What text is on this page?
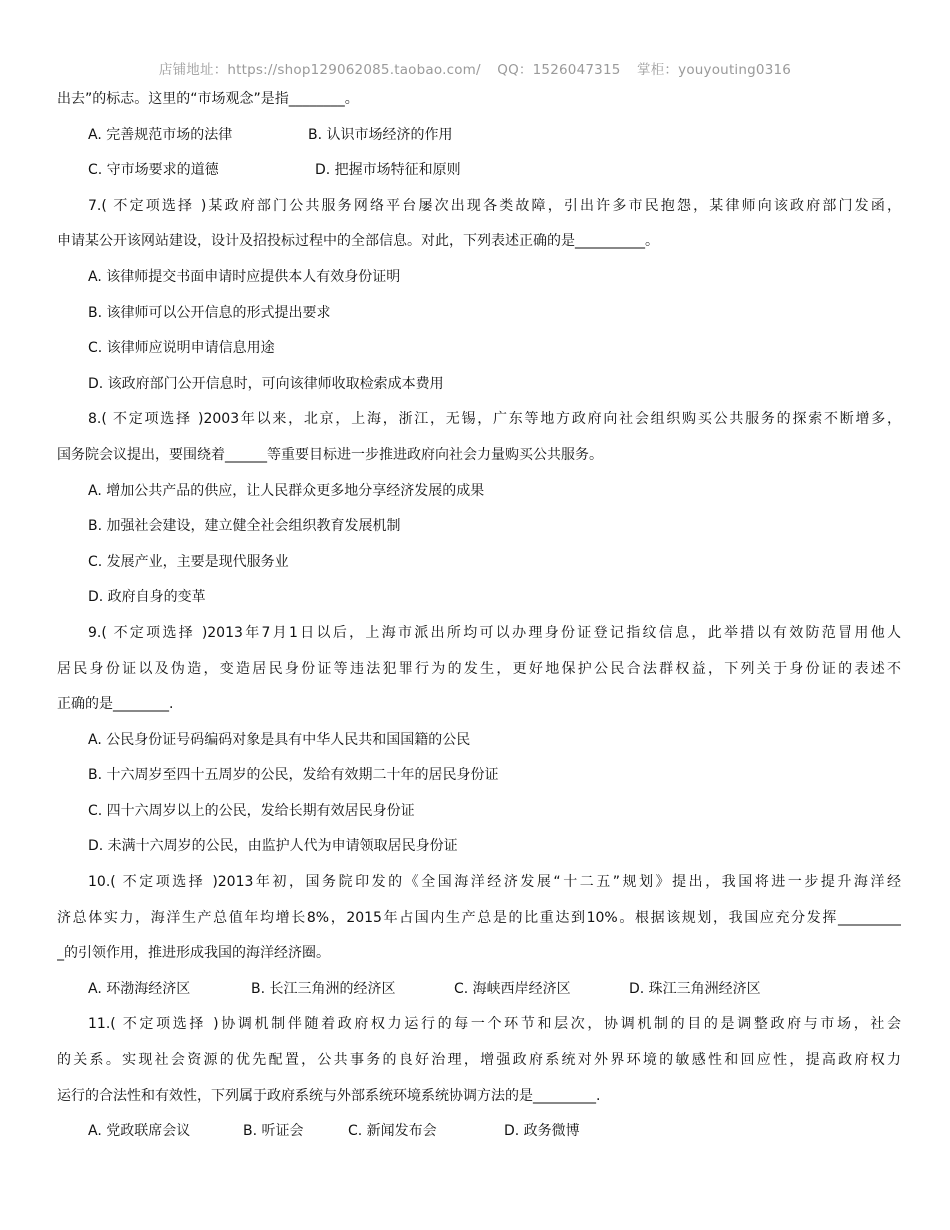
店铺地址：https://shop129062085.taobao.com/ QQ：1526047315 掌柜：youyouting0316
出去”的标志。这里的“市场观念”是指________。
A. 完善规范市场的法律	B. 认识市场经济的作用
C. 守市场要求的道德	D. 把握市场特征和原则
7.( 不定项选择 )某政府部门公共服务网络平台屡次出现各类故障，引出许多市民抱怨，某律师向该政府部门发函，
申请某公开该网站建设，设计及招投标过程中的全部信息。对此，下列表述正确的是__________。
A. 该律师提交书面申请时应提供本人有效身份证明
B. 该律师可以公开信息的形式提出要求
C. 该律师应说明申请信息用途
D. 该政府部门公开信息时，可向该律师收取检索成本费用
8.( 不定项选择 )2003年以来，北京，上海，浙江，无锡，广东等地方政府向社会组织购买公共服务的探索不断增多，
国务院会议提出，要围绕着______等重要目标进一步推进政府向社会力量购买公共服务。
A. 增加公共产品的供应，让人民群众更多地分享经济发展的成果
B. 加强社会建设，建立健全社会组织教育发展机制
C. 发展产业，主要是现代服务业
D. 政府自身的变革
9.( 不定项选择 )2013年7月1日以后，上海市派出所均可以办理身份证登记指纹信息，此举措以有效防范冒用他人
居民身份证以及伪造，变造居民身份证等违法犯罪行为的发生，更好地保护公民合法群权益，下列关于身份证的表述不
正确的是________.
A. 公民身份证号码编码对象是具有中华人民共和国国籍的公民
B. 十六周岁至四十五周岁的公民，发给有效期二十年的居民身份证
C. 四十六周岁以上的公民，发给长期有效居民身份证
D. 未满十六周岁的公民，由监护人代为申请领取居民身份证
10.( 不定项选择 )2013年初，国务院印发的《全国海洋经济发展“十二五”规划》提出，我国将进一步提升海洋经
济总体实力，海洋生产总值年均增长8%，2015年占国内生产总是的比重达到10%。根据该规划，我国应充分发挥_________
_的引领作用，推进形成我国的海洋经济圈。
A. 环渤海经济区	B. 长江三角洲的经济区	C. 海峡西岸经济区	D. 珠江三角洲经济区
11.( 不定项选择 )协调机制伴随着政府权力运行的每一个环节和层次，协调机制的目的是调整政府与市场，社会
的关系。实现社会资源的优先配置，公共事务的良好治理，增强政府系统对外界环境的敏感性和回应性，提高政府权力
运行的合法性和有效性，下列属于政府系统与外部系统环境系统协调方法的是_________.
A. 党政联席会议	B. 听证会	C. 新闻发布会	D. 政务微博
